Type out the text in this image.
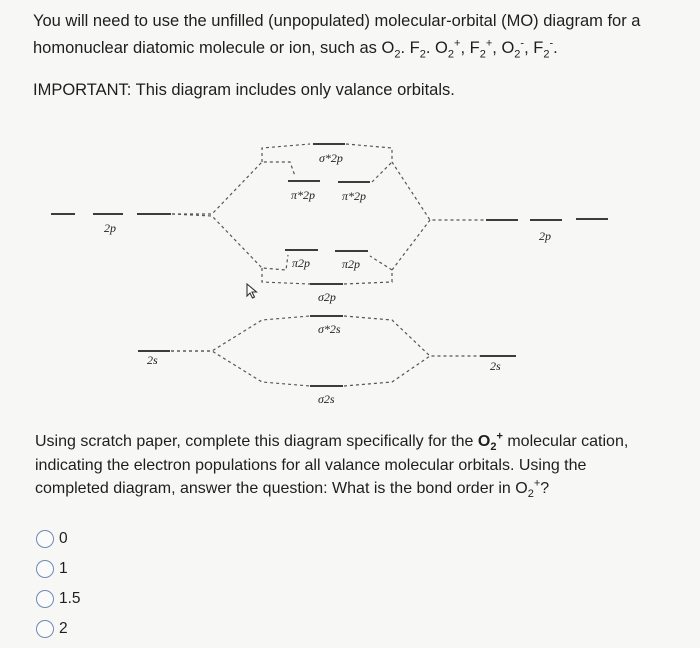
You will need to use the unfilled (unpopulated) molecular-orbital (MO) diagram for a

homonuclear diatomic molecule or ion, such as $O_2$. $F_2$. $O_2^+$, $F_2^+$, $O_2^-$, $F_2^-$.

IMPORTANT: This diagram includes only valance orbitals.
2p
2p
2s	2s
σ*2p
π*2p π*2p
π2p	π2p
σ2p
σ*2s
σ2s

Using scratch paper, complete this diagram specifically for the $O_2^+$ molecular cation,

indicating the electron populations for all valance molecular orbitals. Using the

completed diagram, answer the question: What is the bond order in $O_2^+$?

0
1
1.5
2
